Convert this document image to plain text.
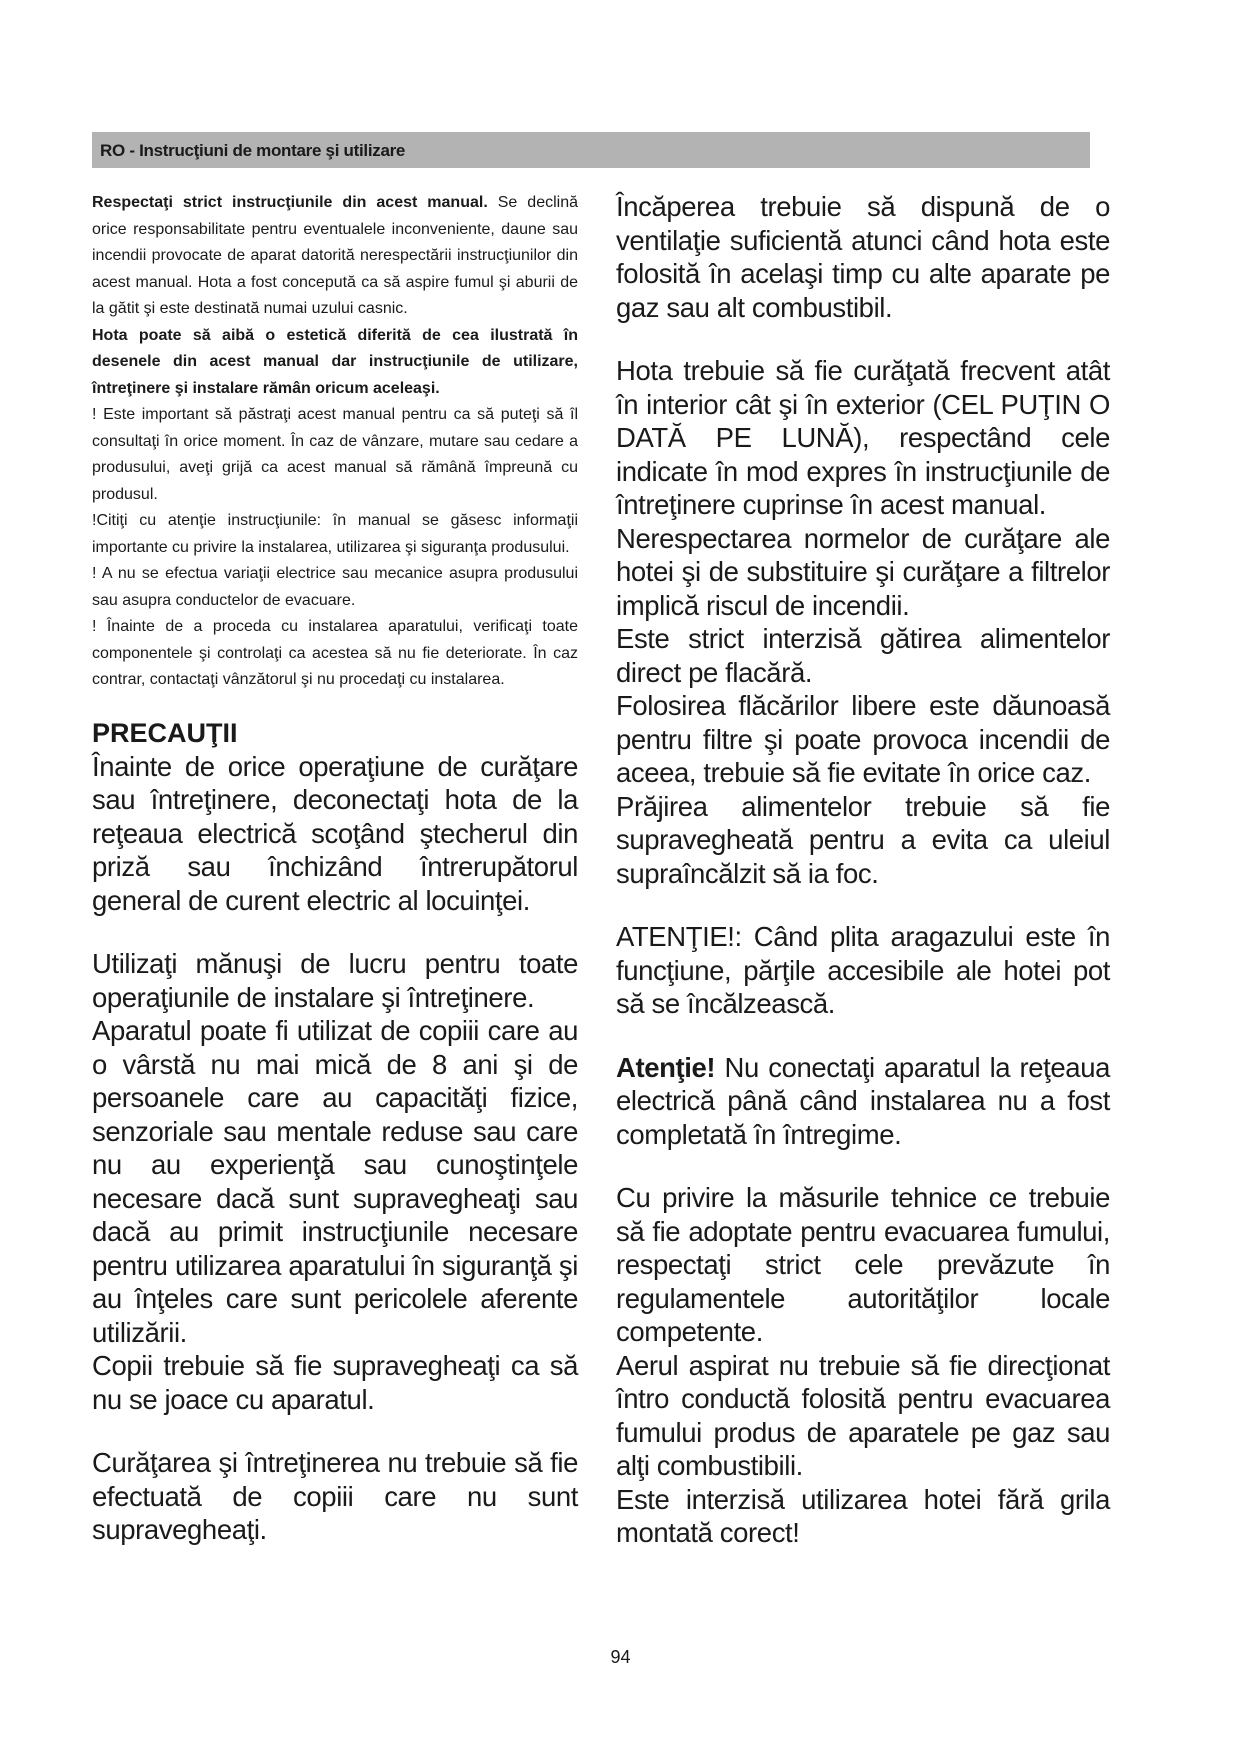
RO - Instrucţiuni de montare şi utilizare

Respectaţi strict instrucţiunile din acest manual. Se declină orice responsabilitate pentru eventualele inconveniente, daune sau incendii provocate de aparat datorită nerespectării instrucţiunilor din acest manual. Hota a fost concepută ca să aspire fumul şi aburii de la gătit şi este destinată numai uzului casnic.

Hota poate să aibă o estetică diferită de cea ilustrată în desenele din acest manual dar instrucţiunile de utilizare, întreţinere şi instalare rămân oricum aceleaşi.

! Este important să păstraţi acest manual pentru ca să puteţi să îl consultaţi în orice moment. În caz de vânzare, mutare sau cedare a produsului, aveţi grijă ca acest manual să rămână împreună cu produsul.

!Citiţi cu atenţie instrucţiunile: în manual se găsesc informaţii importante cu privire la instalarea, utilizarea şi siguranţa produsului.

! A nu se efectua variaţii electrice sau mecanice asupra produsului sau asupra conductelor de evacuare.

! Înainte de a proceda cu instalarea aparatului, verificaţi toate componentele şi controlaţi ca acestea să nu fie deteriorate. În caz contrar, contactaţi vânzătorul şi nu procedaţi cu instalarea.

PRECAUŢII

Înainte de orice operaţiune de curăţare sau întreţinere, deconectaţi hota de la reţeaua electrică scoţând ştecherul din priză sau închizând întrerupătorul general de curent electric al locuinţei.

Utilizaţi mănuşi de lucru pentru toate operaţiunile de instalare şi întreţinere.

Aparatul poate fi utilizat de copiii care au o vârstă nu mai mică de 8 ani şi de persoanele care au capacităţi fizice, senzoriale sau mentale reduse sau care nu au experienţă sau cunoştinţele necesare dacă sunt supravegheaţi sau dacă au primit instrucţiunile necesare pentru utilizarea aparatului în siguranţă şi au înţeles care sunt pericolele aferente utilizării.

Copii trebuie să fie supravegheaţi ca să nu se joace cu aparatul.

Curăţarea şi întreţinerea nu trebuie să fie efectuată de copiii care nu sunt supravegheaţi.

Încăperea trebuie să dispună de o ventilaţie suficientă atunci când hota este folosită în acelaşi timp cu alte aparate pe gaz sau alt combustibil.

Hota trebuie să fie curăţată frecvent atât în interior cât şi în exterior (CEL PUŢIN O DATĂ PE LUNĂ), respectând cele indicate în mod expres în instrucţiunile de întreţinere cuprinse în acest manual.

Nerespectarea normelor de curăţare ale hotei şi de substituire şi curăţare a filtrelor implică riscul de incendii.

Este strict interzisă gătirea alimentelor direct pe flacără.

Folosirea flăcărilor libere este dăunoasă pentru filtre şi poate provoca incendii de aceea, trebuie să fie evitate în orice caz.

Prăjirea alimentelor trebuie să fie supravegheată pentru a evita ca uleiul supraîncălzit să ia foc.

ATENŢIE!: Când plita aragazului este în funcţiune, părţile accesibile ale hotei pot să se încălzească.

Atenţie! Nu conectaţi aparatul la reţeaua electrică până când instalarea nu a fost completată în întregime.

Cu privire la măsurile tehnice ce trebuie să fie adoptate pentru evacuarea fumului, respectaţi strict cele prevăzute în regulamentele autorităţilor locale competente.

Aerul aspirat nu trebuie să fie direcţionat întro conductă folosită pentru evacuarea fumului produs de aparatele pe gaz sau alţi combustibili.

Este interzisă utilizarea hotei fără grila montată corect!

94
